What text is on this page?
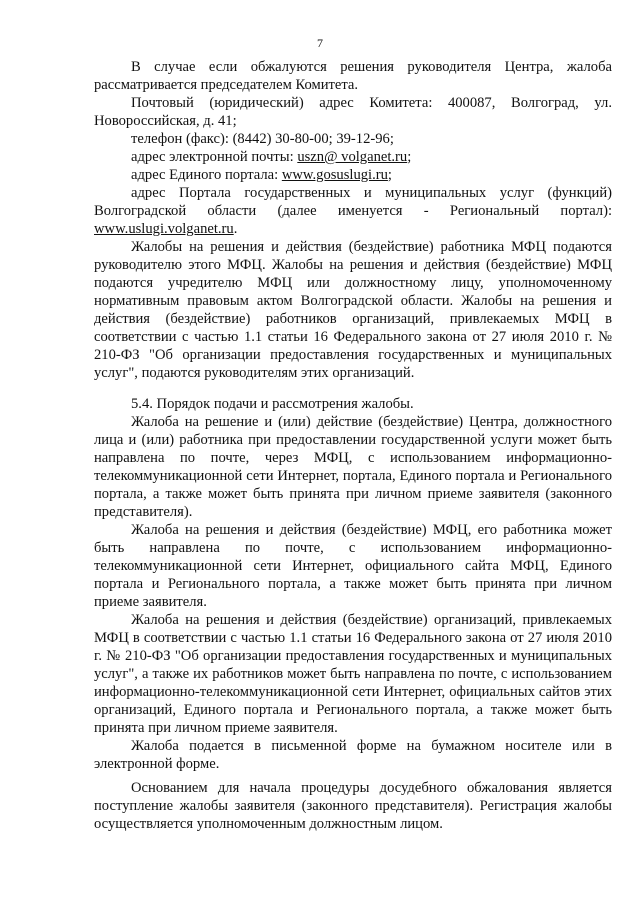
7

В случае если обжалуются решения руководителя Центра, жалоба рассматривается председателем Комитета.

Почтовый (юридический) адрес Комитета: 400087, Волгоград, ул. Новороссийская, д. 41;

телефон (факс): (8442) 30-80-00; 39-12-96;

адрес электронной почты: uszn@ volganet.ru;

адрес Единого портала: www.gosuslugi.ru;

адрес Портала государственных и муниципальных услуг (функций) Волгоградской области (далее именуется - Региональный портал): www.uslugi.volganet.ru.

Жалобы на решения и действия (бездействие) работника МФЦ подаются руководителю этого МФЦ. Жалобы на решения и действия (бездействие) МФЦ подаются учредителю МФЦ или должностному лицу, уполномоченному нормативным правовым актом Волгоградской области. Жалобы на решения и действия (бездействие) работников организаций, привлекаемых МФЦ в соответствии с частью 1.1 статьи 16 Федерального закона от 27 июля 2010 г. № 210-ФЗ "Об организации предоставления государственных и муниципальных услуг", подаются руководителям этих организаций.

5.4. Порядок подачи и рассмотрения жалобы.

Жалоба на решение и (или) действие (бездействие) Центра, должностного лица и (или) работника при предоставлении государственной услуги может быть направлена по почте, через МФЦ, с использованием информационно-телекоммуникационной сети Интернет, портала, Единого портала и Регионального портала, а также может быть принята при личном приеме заявителя (законного представителя).

Жалоба на решения и действия (бездействие) МФЦ, его работника может быть направлена по почте, с использованием информационно-телекоммуникационной сети Интернет, официального сайта МФЦ, Единого портала и Регионального портала, а также может быть принята при личном приеме заявителя.

Жалоба на решения и действия (бездействие) организаций, привлекаемых МФЦ в соответствии с частью 1.1 статьи 16 Федерального закона от 27 июля 2010 г. № 210-ФЗ "Об организации предоставления государственных и муниципальных услуг", а также их работников может быть направлена по почте, с использованием информационно-телекоммуникационной сети Интернет, официальных сайтов этих организаций, Единого портала и Регионального портала, а также может быть принята при личном приеме заявителя.

Жалоба подается в письменной форме на бумажном носителе или в электронной форме.

Основанием для начала процедуры досудебного обжалования является поступление жалобы заявителя (законного представителя). Регистрация жалобы осуществляется уполномоченным должностным лицом.
